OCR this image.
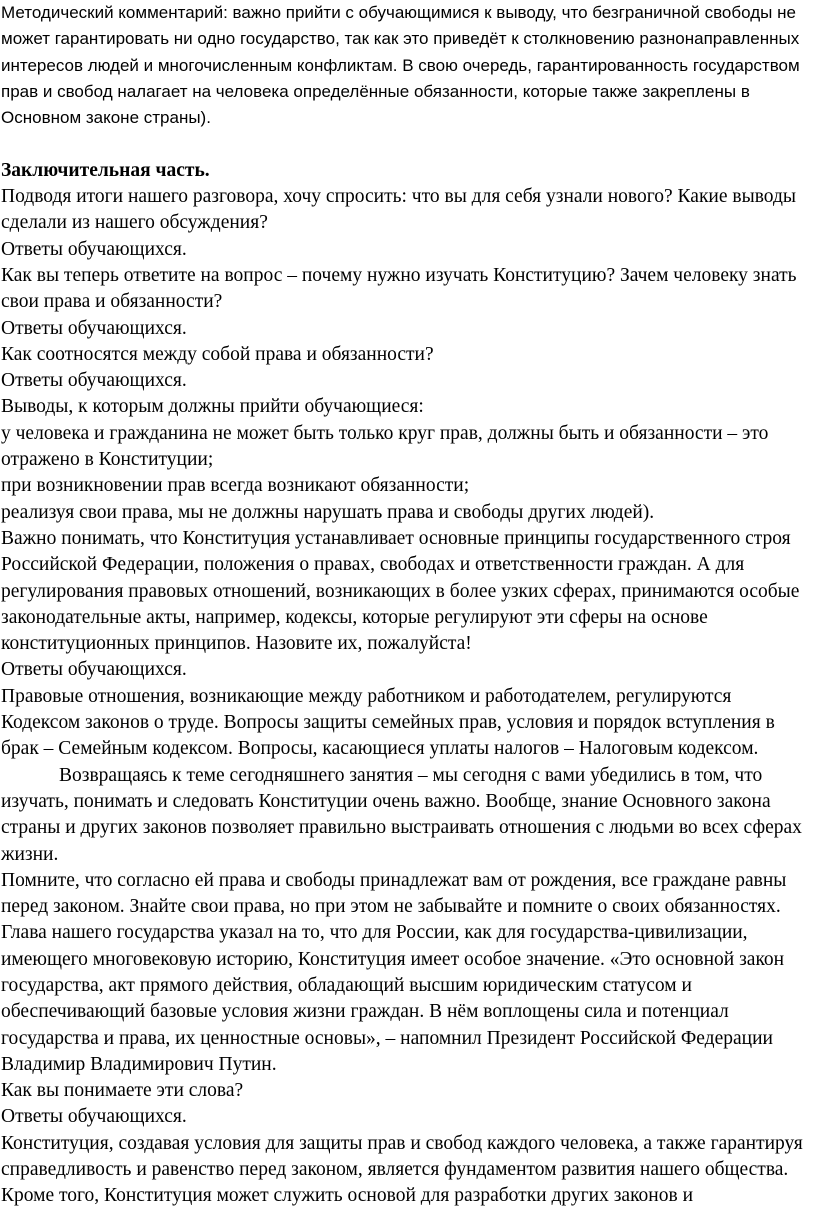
Методический комментарий: важно прийти с обучающимися к выводу, что безграничной свободы не может гарантировать ни одно государство, так как это приведёт к столкновению разнонаправленных интересов людей и многочисленным конфликтам. В свою очередь, гарантированность государством прав и свобод налагает на человека определённые обязанности, которые также закреплены в Основном законе страны).

Заключительная часть.

Подводя итоги нашего разговора, хочу спросить: что вы для себя узнали нового? Какие выводы сделали из нашего обсуждения?

Ответы обучающихся.

Как вы теперь ответите на вопрос – почему нужно изучать Конституцию? Зачем человеку знать свои права и обязанности?

Ответы обучающихся.

Как соотносятся между собой права и обязанности?

Ответы обучающихся.

Выводы, к которым должны прийти обучающиеся:

у человека и гражданина не может быть только круг прав, должны быть и обязанности – это отражено в Конституции;

при возникновении прав всегда возникают обязанности;

реализуя свои права, мы не должны нарушать права и свободы других людей).

Важно понимать, что Конституция устанавливает основные принципы государственного строя Российской Федерации, положения о правах, свободах и ответственности граждан. А для регулирования правовых отношений, возникающих в более узких сферах, принимаются особые законодательные акты, например, кодексы, которые регулируют эти сферы на основе конституционных принципов. Назовите их, пожалуйста!

Ответы обучающихся.

Правовые отношения, возникающие между работником и работодателем, регулируются Кодексом законов о труде. Вопросы защиты семейных прав, условия и порядок вступления в брак – Семейным кодексом. Вопросы, касающиеся уплаты налогов – Налоговым кодексом.

Возвращаясь к теме сегодняшнего занятия – мы сегодня с вами убедились в том, что изучать, понимать и следовать Конституции очень важно. Вообще, знание Основного закона страны и других законов позволяет правильно выстраивать отношения с людьми во всех сферах жизни.

Помните, что согласно ей права и свободы принадлежат вам от рождения, все граждане равны перед законом. Знайте свои права, но при этом не забывайте и помните о своих обязанностях.

Глава нашего государства указал на то, что для России, как для государства-цивилизации, имеющего многовековую историю, Конституция имеет особое значение. «Это основной закон государства, акт прямого действия, обладающий высшим юридическим статусом и обеспечивающий базовые условия жизни граждан. В нём воплощены сила и потенциал государства и права, их ценностные основы», – напомнил Президент Российской Федерации Владимир Владимирович Путин.

Как вы понимаете эти слова?

Ответы обучающихся.

Конституция, создавая условия для защиты прав и свобод каждого человека, а также гарантируя справедливость и равенство перед законом, является фундаментом развития нашего общества. Кроме того, Конституция может служить основой для разработки других законов и
